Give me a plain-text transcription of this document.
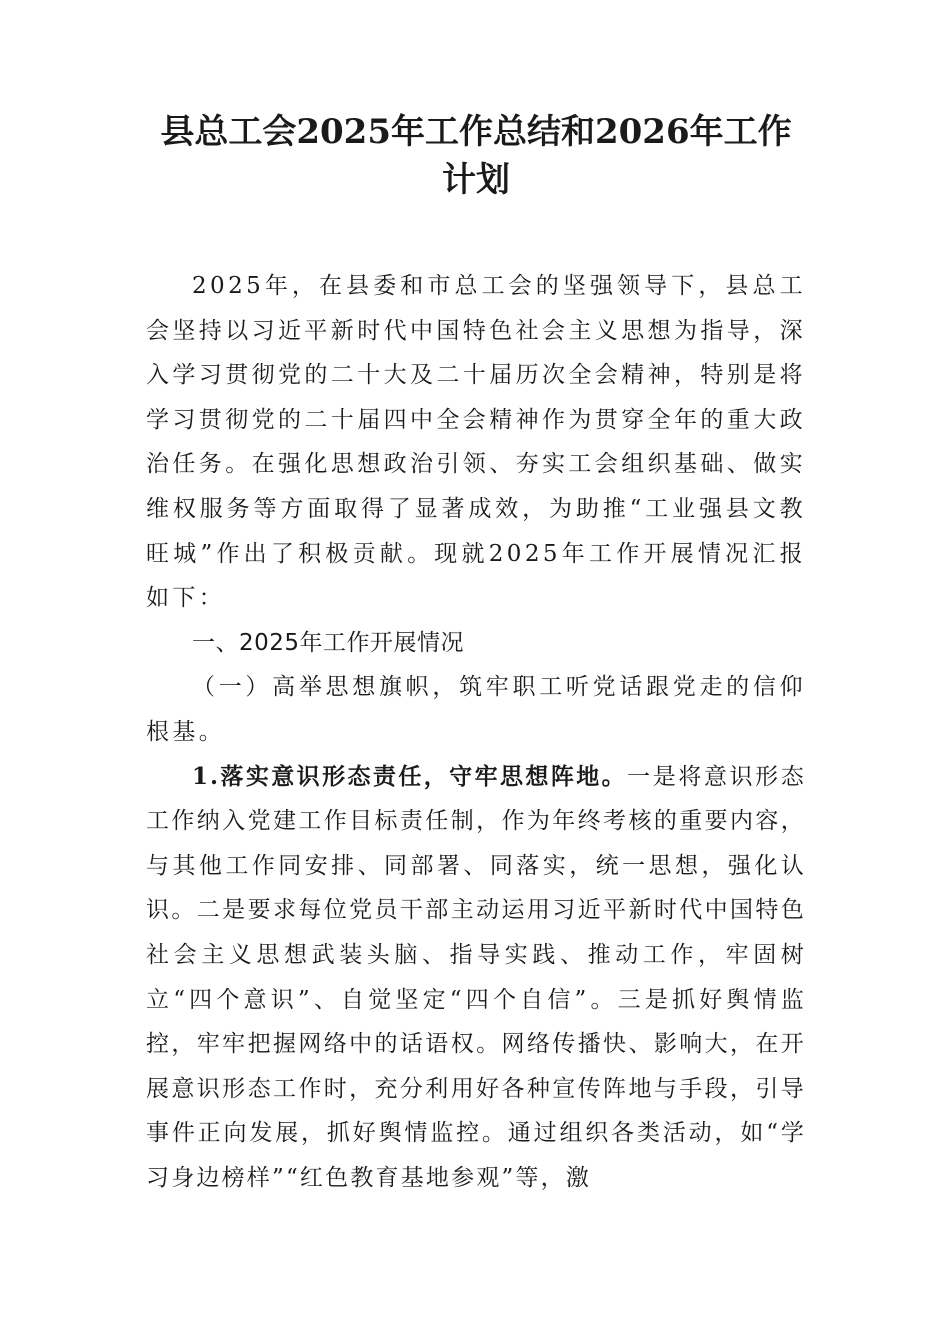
县总工会2025年工作总结和2026年工作计划

2025年，在县委和市总工会的坚强领导下，县总工会坚持以习近平新时代中国特色社会主义思想为指导，深入学习贯彻党的二十大及二十届历次全会精神，特别是将学习贯彻党的二十届四中全会精神作为贯穿全年的重大政治任务。在强化思想政治引领、夯实工会组织基础、做实维权服务等方面取得了显著成效，为助推“工业强县文教旺城”作出了积极贡献。现就2025年工作开展情况汇报如下：

一、2025年工作开展情况

（一）高举思想旗帜，筑牢职工听党话跟党走的信仰根基。

1.落实意识形态责任，守牢思想阵地。一是将意识形态工作纳入党建工作目标责任制，作为年终考核的重要内容，与其他工作同安排、同部署、同落实，统一思想，强化认识。二是要求每位党员干部主动运用习近平新时代中国特色社会主义思想武装头脑、指导实践、推动工作，牢固树立“四个意识”、自觉坚定“四个自信”。三是抓好舆情监控，牢牢把握网络中的话语权。网络传播快、影响大，在开展意识形态工作时，充分利用好各种宣传阵地与手段，引导事件正向发展，抓好舆情监控。通过组织各类活动，如“学习身边榜样”“红色教育基地参观”等，激
